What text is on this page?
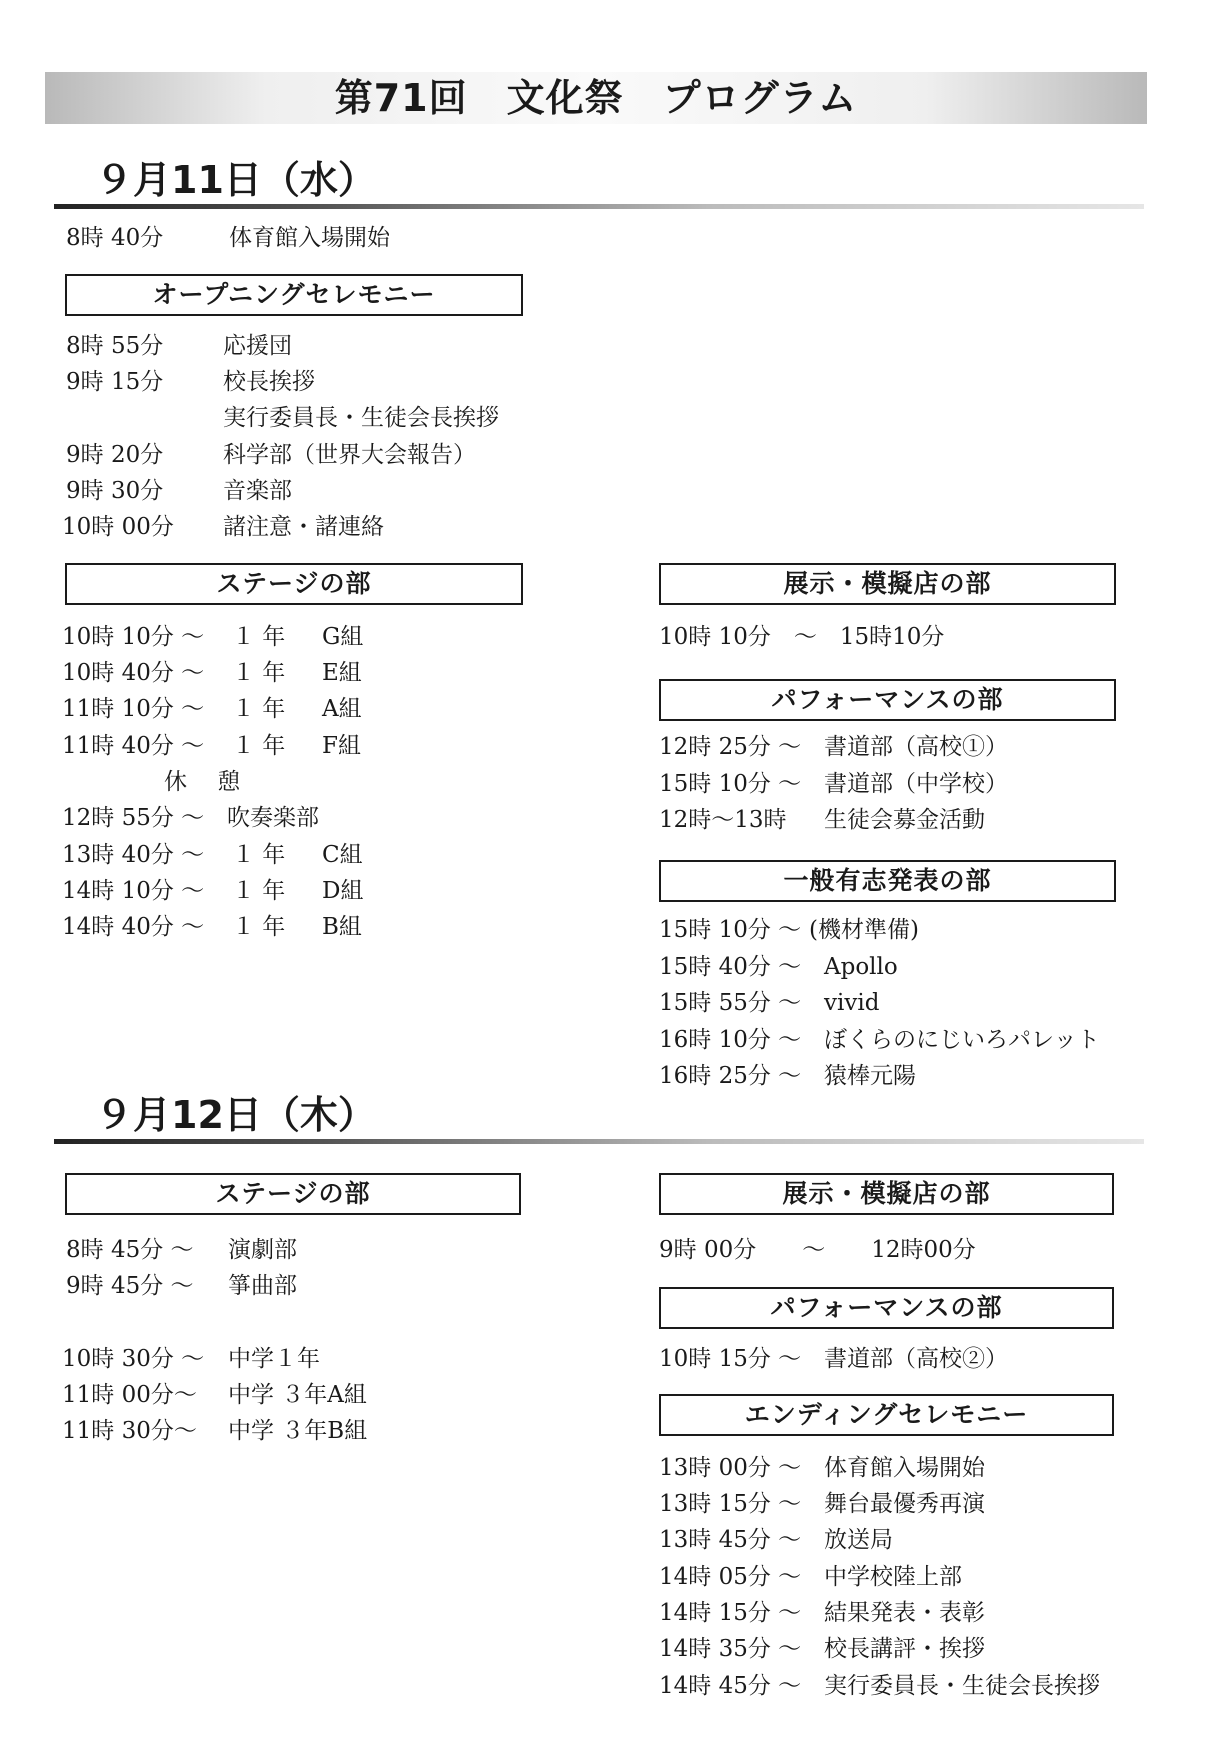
第71回　文化祭　プログラム
９月11日（水）
8時 40分	体育館入場開始
オープニングセレモニー
8時 55分	応援団
9時 15分	校長挨拶
実行委員長・生徒会長挨拶
9時 20分	科学部（世界大会報告）
9時 30分	音楽部
10時 00分 諸注意・諸連絡
ステージの部
10時 10分 ～ １ 年 G組
10時 40分 ～ １ 年 E組
11時 10分 ～ １ 年 A組
11時 40分 ～ １ 年 F組
休　 憩
12時 55分 ～ 吹奏楽部
13時 40分 ～ １ 年 C組
14時 10分 ～ １ 年 D組
14時 40分 ～ １ 年 B組
展示・模擬店の部
10時 10分　～　15時10分
パフォーマンスの部
12時 25分 ～ 書道部（高校①）
15時 10分 ～ 書道部（中学校）
12時～13時 生徒会募金活動
一般有志発表の部
15時 10分 ～ (機材準備)
15時 40分 ～ Apollo
15時 55分 ～ vivid
16時 10分 ～ ぼくらのにじいろパレット
16時 25分 ～ 猿棒元陽
９月12日（木）
ステージの部
8時 45分 ～ 演劇部
9時 45分 ～ 箏曲部
10時 30分 ～ 中学１年
11時 00分～ 中学 ３年A組
11時 30分～ 中学 ３年B組
展示・模擬店の部
9時 00分　　～　　12時00分
パフォーマンスの部
10時 15分 ～ 書道部（高校②）
エンディングセレモニー
13時 00分 ～ 体育館入場開始
13時 15分 ～ 舞台最優秀再演
13時 45分 ～ 放送局
14時 05分 ～ 中学校陸上部
14時 15分 ～ 結果発表・表彰
14時 35分 ～ 校長講評・挨拶
14時 45分 ～ 実行委員長・生徒会長挨拶
